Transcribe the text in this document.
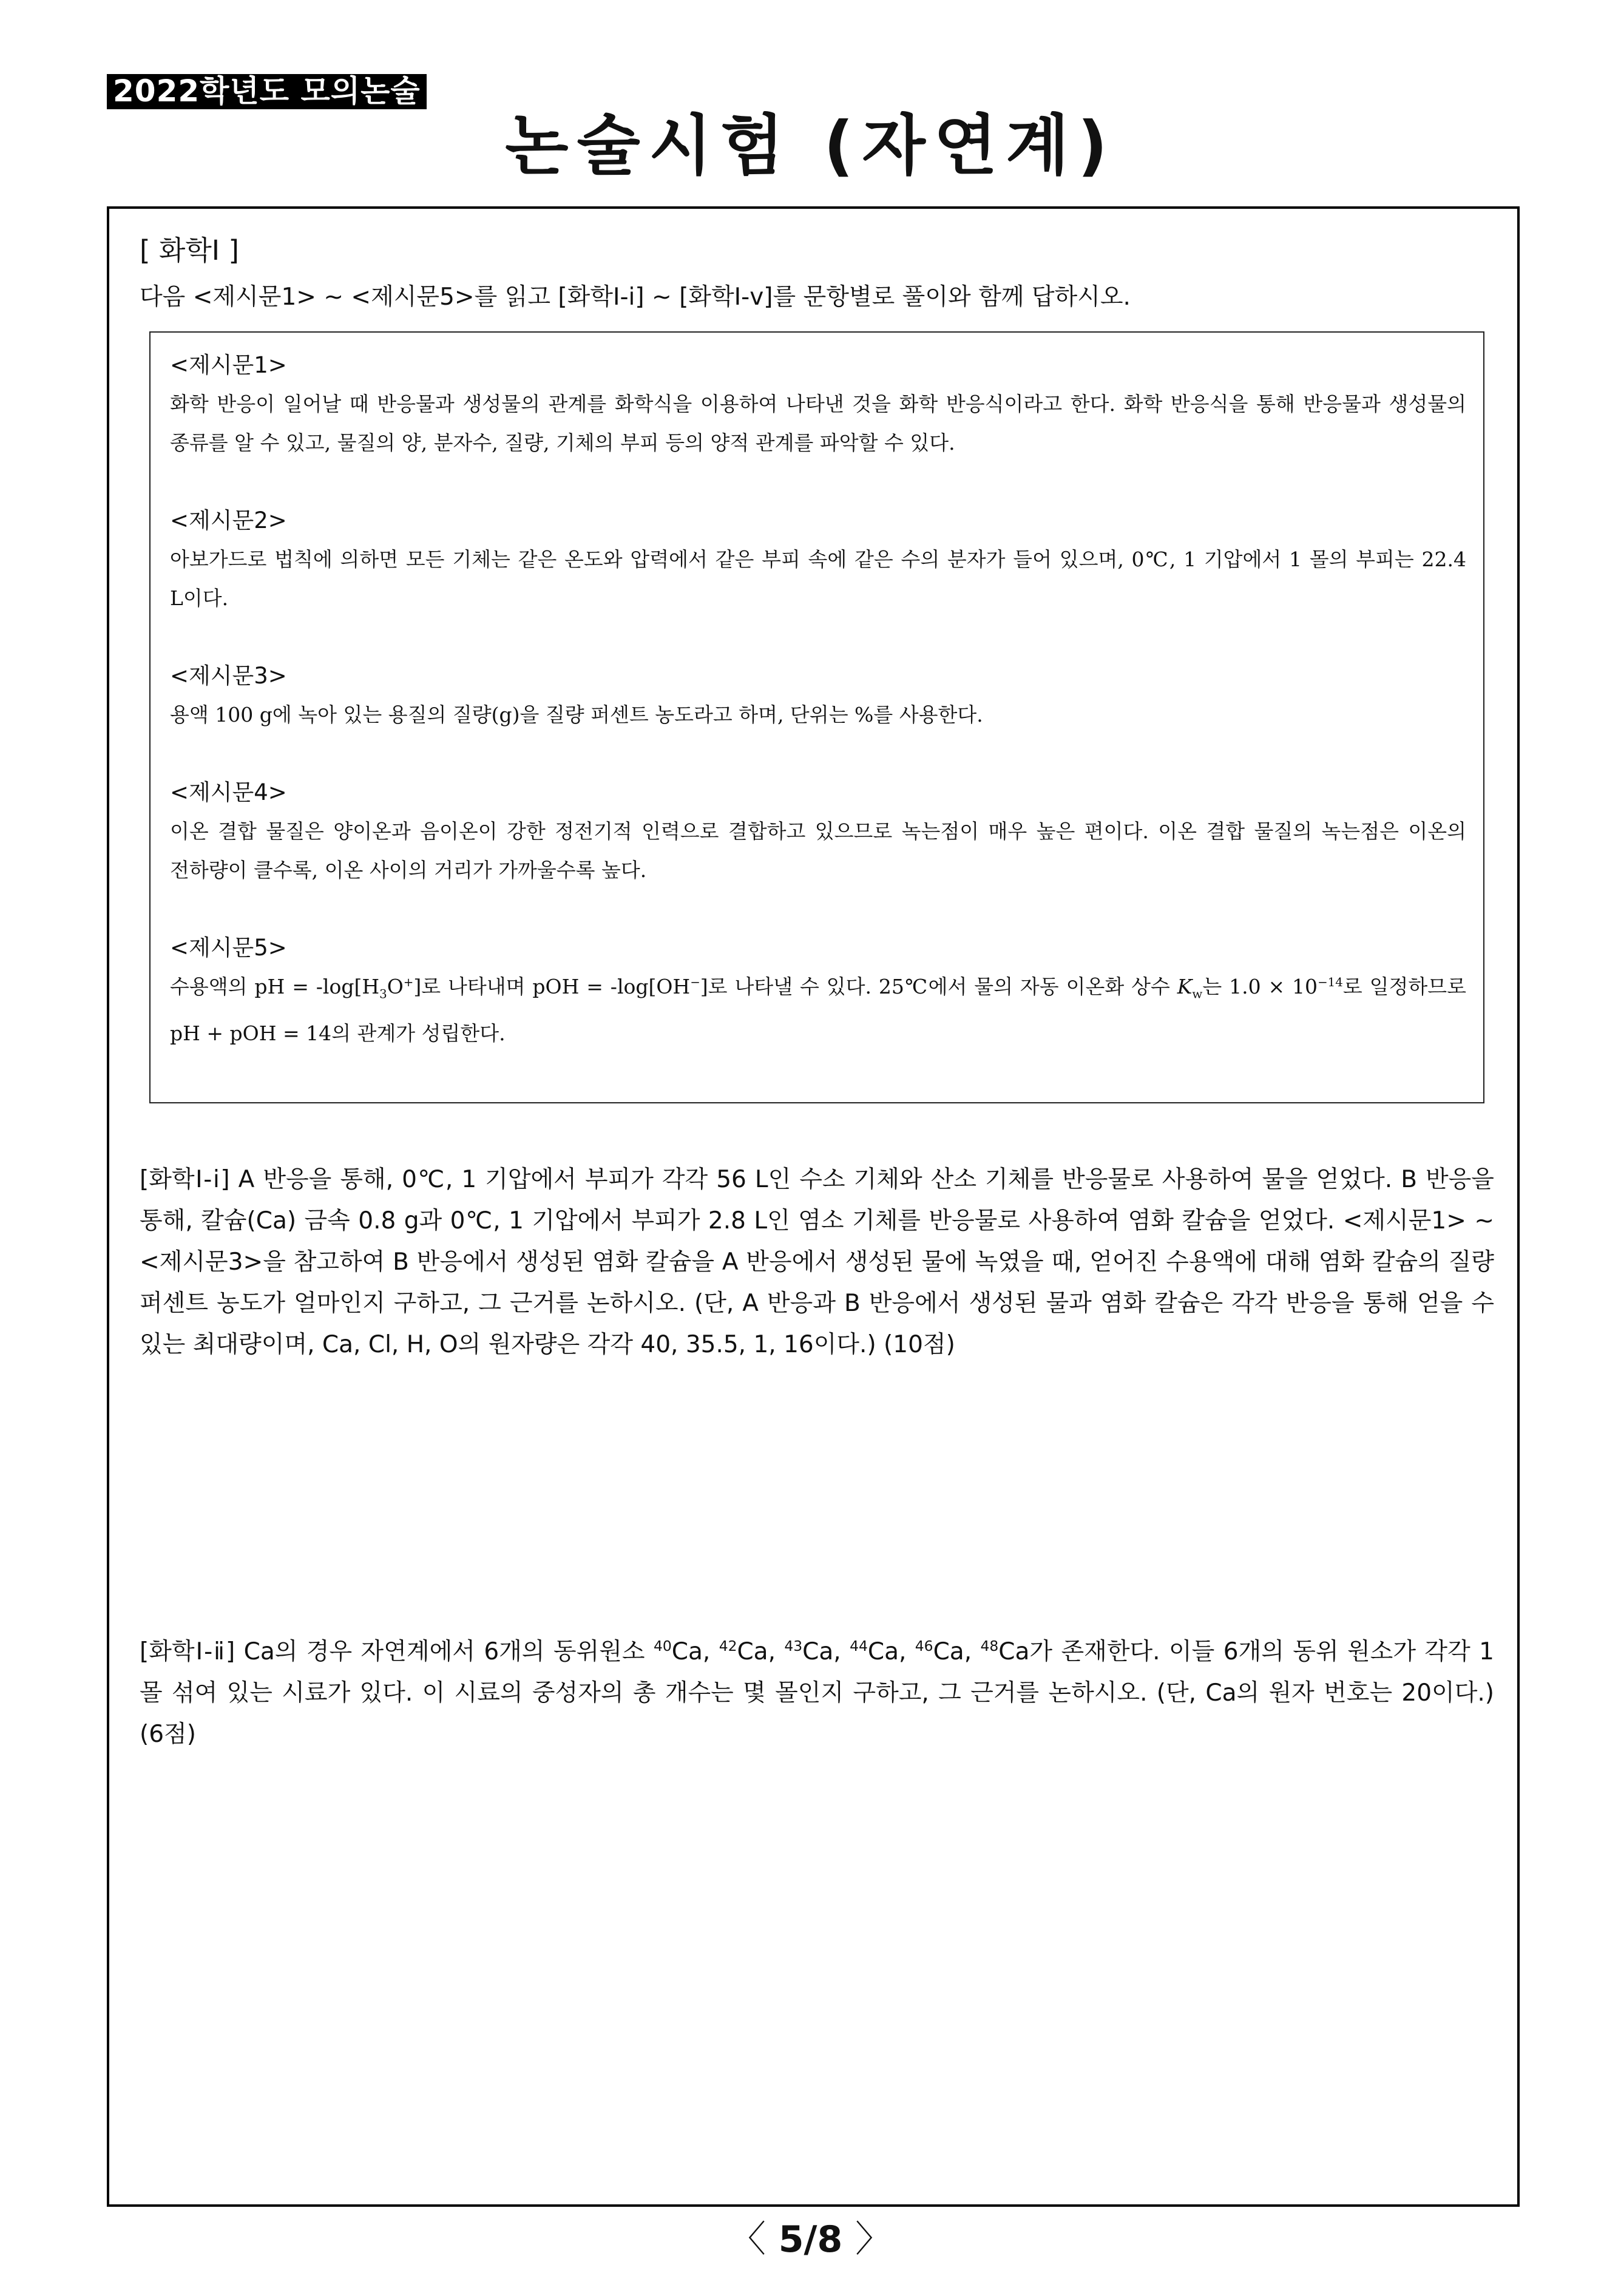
2022학년도 모의논술
논술시험 (자연계)
[ 화학Ⅰ ]
다음 <제시문1> ~ <제시문5>를 읽고 [화학Ⅰ-ⅰ] ~ [화학Ⅰ-ⅴ]를 문항별로 풀이와 함께 답하시오.

<제시문1>

화학 반응이 일어날 때 반응물과 생성물의 관계를 화학식을 이용하여 나타낸 것을 화학 반응식이라고 한다. 화학 반응식을 통해 반응물과 생성물의 종류를 알 수 있고, 물질의 양, 분자수, 질량, 기체의 부피 등의 양적 관계를 파악할 수 있다.

<제시문2>

아보가드로 법칙에 의하면 모든 기체는 같은 온도와 압력에서 같은 부피 속에 같은 수의 분자가 들어 있으며, 0℃, 1 기압에서 1 몰의 부피는 22.4 L이다.

<제시문3>

용액 100 g에 녹아 있는 용질의 질량(g)을 질량 퍼센트 농도라고 하며, 단위는 %를 사용한다.

<제시문4>

이온 결합 물질은 양이온과 음이온이 강한 정전기적 인력으로 결합하고 있으므로 녹는점이 매우 높은 편이다. 이온 결합 물질의 녹는점은 이온의 전하량이 클수록, 이온 사이의 거리가 가까울수록 높다.

<제시문5>

수용액의 pH = $-\log[H_3O^+]$로 나타내며 pOH = -log[OH−]로 나타낼 수 있다. 25℃에서 물의 자동 이온화 상수 $K_w$는 $1.0 \times 10^{-14}$로 일정하므로 pH + pOH = 14의 관계가 성립한다.

[화학Ⅰ-ⅰ] A 반응을 통해, 0℃, 1 기압에서 부피가 각각 56 L인 수소 기체와 산소 기체를 반응물로 사용하여 물을 얻었다. B 반응을 통해, 칼슘(Ca) 금속 0.8 g과 0℃, 1 기압에서 부피가 2.8 L인 염소 기체를 반응물로 사용하여 염화 칼슘을 얻었다. <제시문1> ~ <제시문3>을 참고하여 B 반응에서 생성된 염화 칼슘을 A 반응에서 생성된 물에 녹였을 때, 얻어진 수용액에 대해 염화 칼슘의 질량 퍼센트 농도가 얼마인지 구하고, 그 근거를 논하시오. (단, A 반응과 B 반응에서 생성된 물과 염화 칼슘은 각각 반응을 통해 얻을 수 있는 최대량이며, Ca, Cl, H, O의 원자량은 각각 40, 35.5, 1, 16이다.) (10점)

[화학Ⅰ-ⅱ] Ca의 경우 자연계에서 6개의 동위원소 $^{40}$Ca, $^{42}$Ca, $^{43}$Ca, $^{44}$Ca, $^{46}$Ca, $^{48}$Ca가 존재한다. 이들 6개의 동위 원소가 각각 1 몰 섞여 있는 시료가 있다. 이 시료의 중성자의 총 개수는 몇 몰인지 구하고, 그 근거를 논하시오. (단, Ca의 원자 번호는 20이다.) (6점)

〈 5/8 〉
